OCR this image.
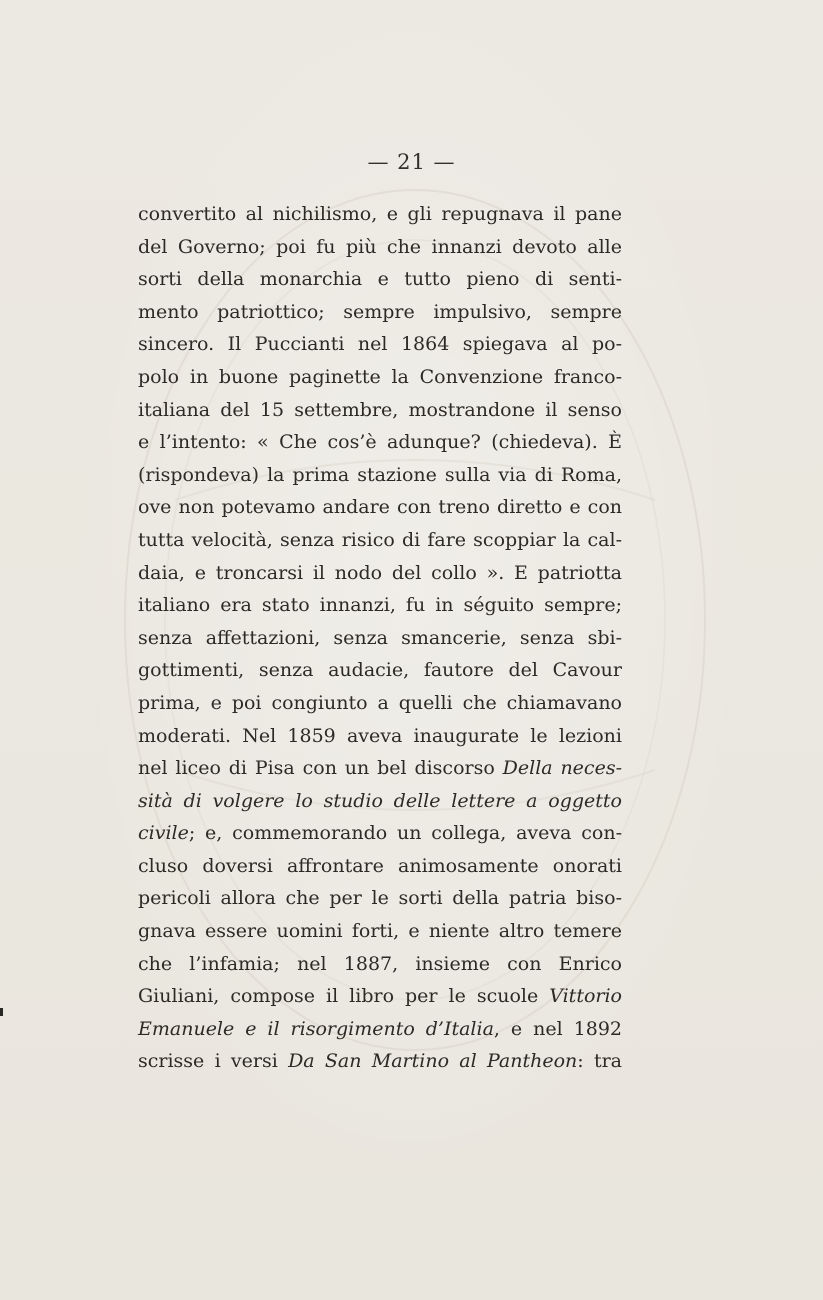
— 21 —
convertito al nichilismo, e gli repugnava il pane
del Governo; poi fu più che innanzi devoto alle
sorti della monarchia e tutto pieno di senti-
mento patriottico; sempre impulsivo, sempre
sincero. Il Puccianti nel 1864 spiegava al po-
polo in buone paginette la Convenzione franco-
italiana del 15 settembre, mostrandone il senso
e l’intento: « Che cos’è adunque? (chiedeva). È
(rispondeva) la prima stazione sulla via di Roma,
ove non potevamo andare con treno diretto e con
tutta velocità, senza risico di fare scoppiar la cal-
daia, e troncarsi il nodo del collo ». E patriotta
italiano era stato innanzi, fu in séguito sempre;
senza affettazioni, senza smancerie, senza sbi-
gottimenti, senza audacie, fautore del Cavour
prima, e poi congiunto a quelli che chiamavano
moderati. Nel 1859 aveva inaugurate le lezioni
nel liceo di Pisa con un bel discorso Della neces-
sità di volgere lo studio delle lettere a oggetto
civile; e, commemorando un collega, aveva con-
cluso doversi affrontare animosamente onorati
pericoli allora che per le sorti della patria biso-
gnava essere uomini forti, e niente altro temere
che l’infamia; nel 1887, insieme con Enrico
Giuliani, compose il libro per le scuole Vittorio
Emanuele e il risorgimento d’Italia, e nel 1892
scrisse i versi Da San Martino al Pantheon: tra
